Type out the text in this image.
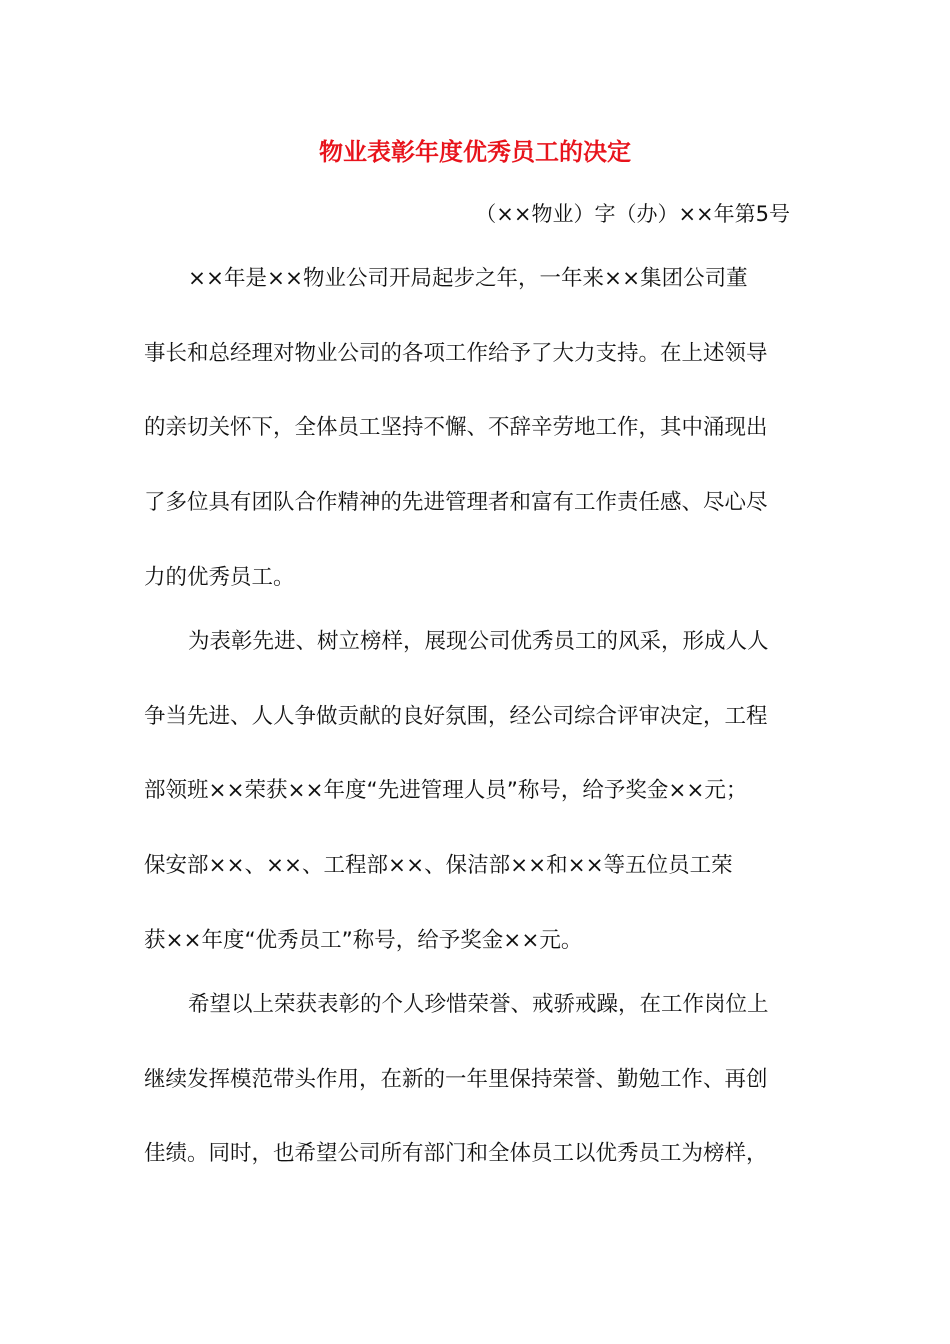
物业表彰年度优秀员工的决定
（××物业）字（办）××年第5号
××年是××物业公司开局起步之年，一年来××集团公司董
事长和总经理对物业公司的各项工作给予了大力支持。在上述领导
的亲切关怀下，全体员工坚持不懈、不辞辛劳地工作，其中涌现出
了多位具有团队合作精神的先进管理者和富有工作责任感、尽心尽
力的优秀员工。
为表彰先进、树立榜样，展现公司优秀员工的风采，形成人人
争当先进、人人争做贡献的良好氛围，经公司综合评审决定，工程
部领班××荣获××年度“先进管理人员”称号，给予奖金××元；
保安部××、××、工程部××、保洁部××和××等五位员工荣
获××年度“优秀员工”称号，给予奖金××元。
希望以上荣获表彰的个人珍惜荣誉、戒骄戒躁，在工作岗位上
继续发挥模范带头作用，在新的一年里保持荣誉、勤勉工作、再创
佳绩。同时，也希望公司所有部门和全体员工以优秀员工为榜样，
